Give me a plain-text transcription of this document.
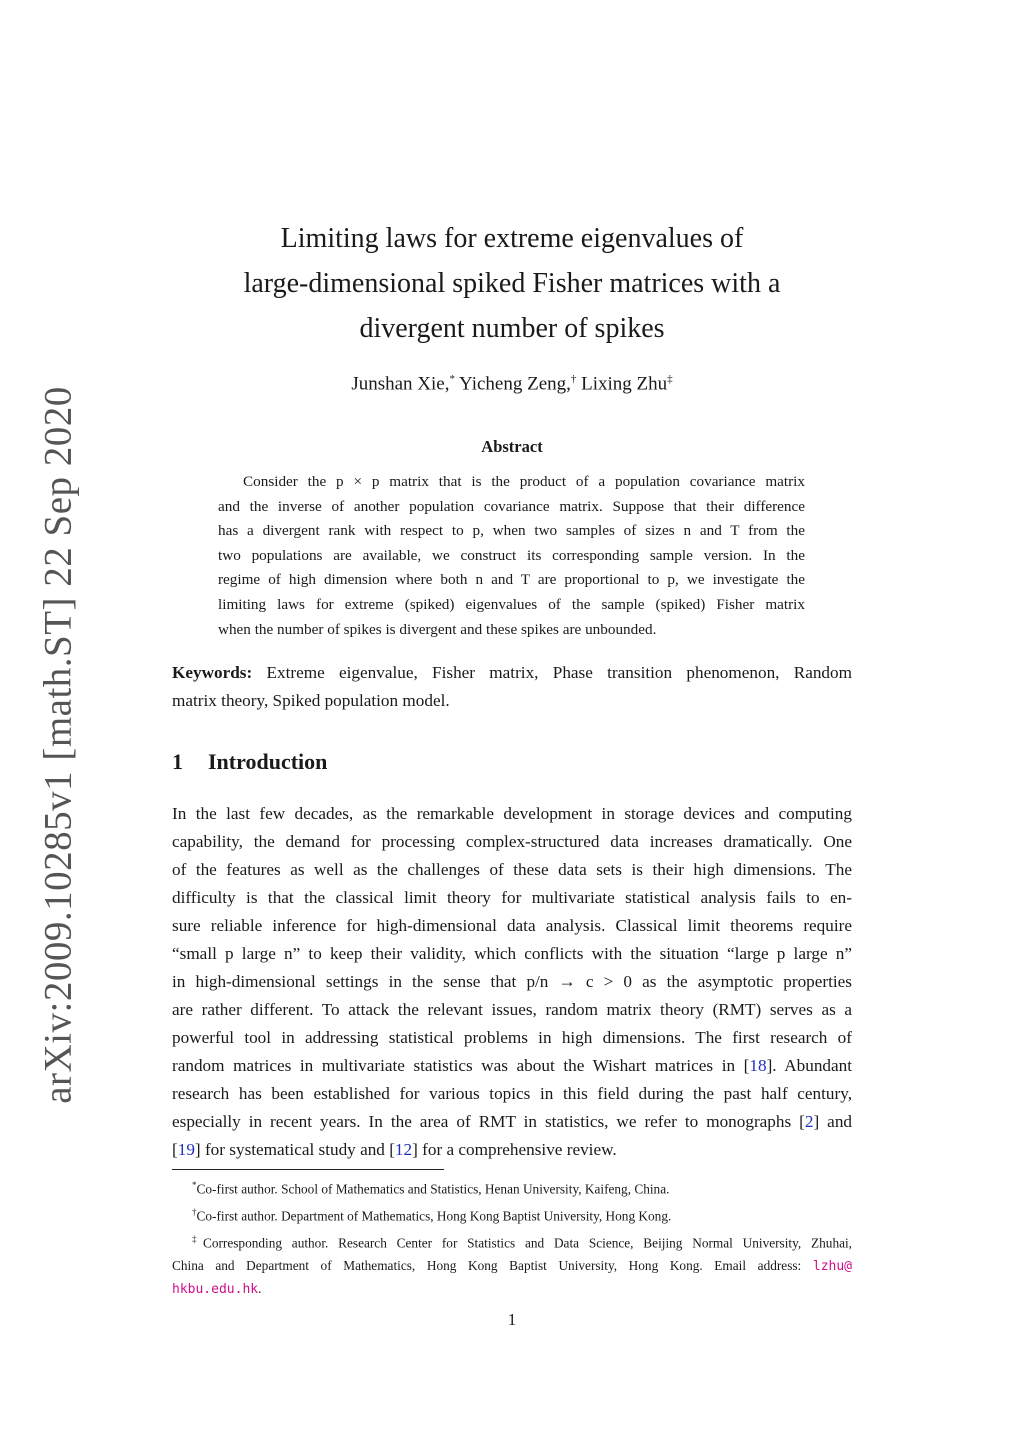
arXiv:2009.10285v1 [math.ST] 22 Sep 2020
Limiting laws for extreme eigenvalues of
large-dimensional spiked Fisher matrices with a
divergent number of spikes
Junshan Xie,* Yicheng Zeng,† Lixing Zhu‡
Abstract
Consider the p × p matrix that is the product of a population covariance matrix
and the inverse of another population covariance matrix. Suppose that their difference
has a divergent rank with respect to p, when two samples of sizes n and T from the
two populations are available, we construct its corresponding sample version. In the
regime of high dimension where both n and T are proportional to p, we investigate the
limiting laws for extreme (spiked) eigenvalues of the sample (spiked) Fisher matrix
when the number of spikes is divergent and these spikes are unbounded.
Keywords: Extreme eigenvalue, Fisher matrix, Phase transition phenomenon, Random
matrix theory, Spiked population model.
1 Introduction
In the last few decades, as the remarkable development in storage devices and computing
capability, the demand for processing complex-structured data increases dramatically. One
of the features as well as the challenges of these data sets is their high dimensions. The
difficulty is that the classical limit theory for multivariate statistical analysis fails to en-
sure reliable inference for high-dimensional data analysis. Classical limit theorems require
“small p large n” to keep their validity, which conflicts with the situation “large p large n”
in high-dimensional settings in the sense that p/n → c > 0 as the asymptotic properties
are rather different. To attack the relevant issues, random matrix theory (RMT) serves as a
powerful tool in addressing statistical problems in high dimensions. The first research of
random matrices in multivariate statistics was about the Wishart matrices in [18]. Abundant
research has been established for various topics in this field during the past half century,
especially in recent years. In the area of RMT in statistics, we refer to monographs [2] and
[19] for systematical study and [12] for a comprehensive review.
*Co-first author. School of Mathematics and Statistics, Henan University, Kaifeng, China.
†Co-first author. Department of Mathematics, Hong Kong Baptist University, Hong Kong.
‡Corresponding author. Research Center for Statistics and Data Science, Beijing Normal University, Zhuhai,
China and Department of Mathematics, Hong Kong Baptist University, Hong Kong. Email address: lzhu@
hkbu.edu.hk.
1
